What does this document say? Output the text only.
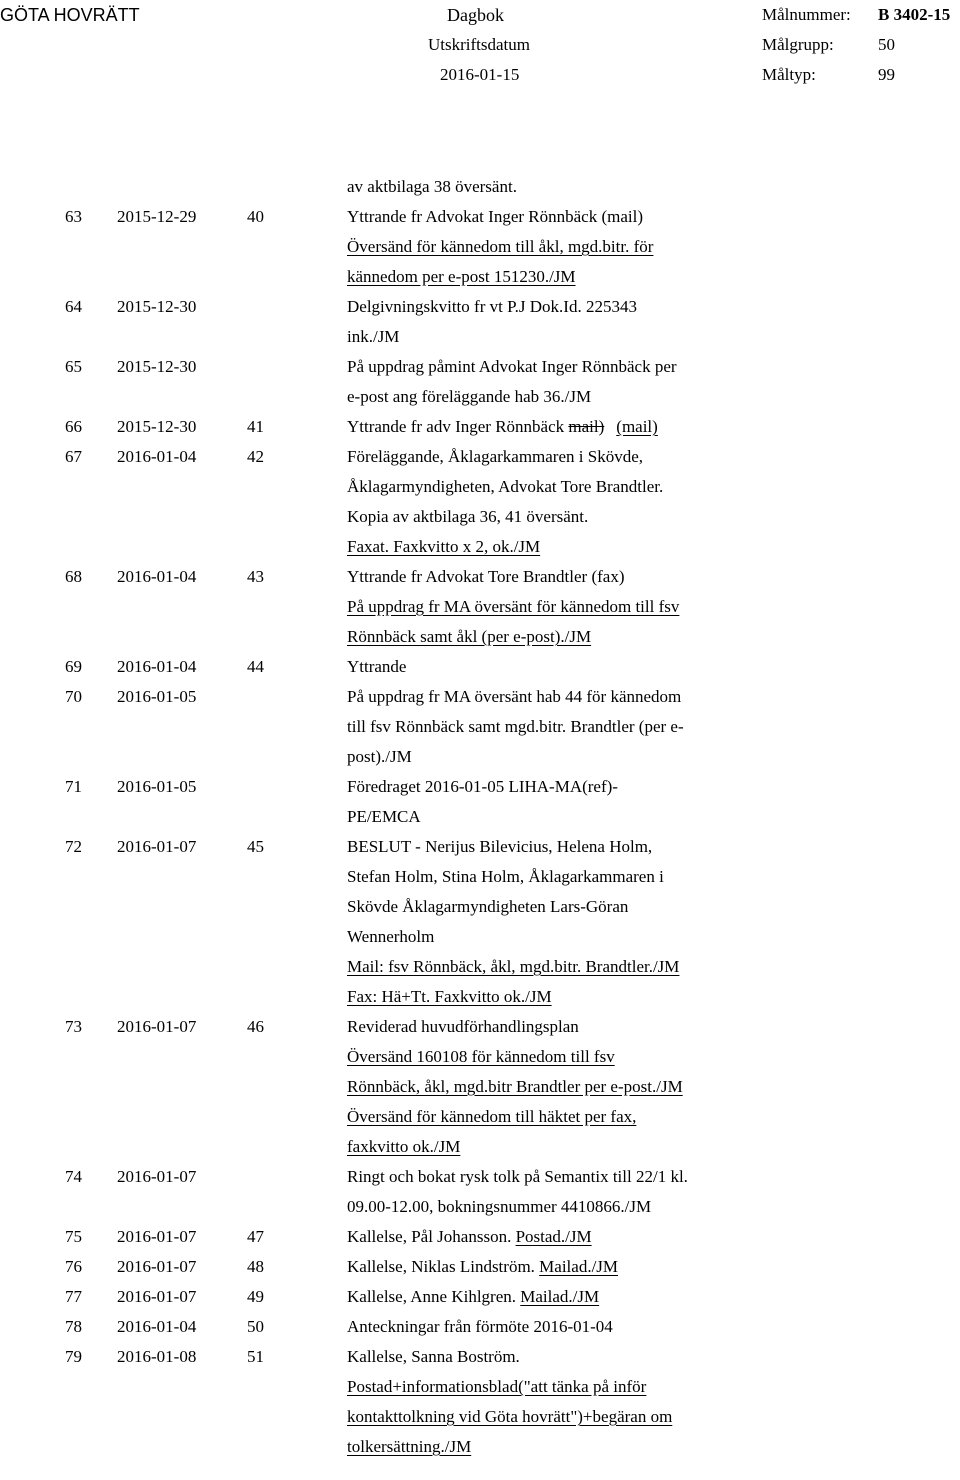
GÖTA HOVRÄTT	Dagbok
Utskriftsdatum
2016-01-15
Målnummer: B 3402-15
Målgrupp:	50
Måltyp:	99
av aktbilaga 38 översänt.
63 2015-12-29	40	Yttrande fr Advokat Inger Rönnbäck (mail)
Översänd för kännedom till åkl, mgd.bitr. för
kännedom per e-post 151230./JM
64 2015-12-30	Delgivningskvitto fr vt P.J Dok.Id. 225343
ink./JM
65 2015-12-30	På uppdrag påmint Advokat Inger Rönnbäck per
e-post ang föreläggande hab 36./JM
66 2015-12-30	41	Yttrande fr adv Inger Rönnbäck mail) (mail)
67 2016-01-04	42	Föreläggande, Åklagarkammaren i Skövde,
Åklagarmyndigheten, Advokat Tore Brandtler.
Kopia av aktbilaga 36, 41 översänt.
Faxat. Faxkvitto x 2, ok./JM
68 2016-01-04	43	Yttrande fr Advokat Tore Brandtler (fax)
På uppdrag fr MA översänt för kännedom till fsv
Rönnbäck samt åkl (per e-post)./JM
69 2016-01-04	44	Yttrande
70 2016-01-05	På uppdrag fr MA översänt hab 44 för kännedom
till fsv Rönnbäck samt mgd.bitr. Brandtler (per e-
post)./JM
71 2016-01-05	Föredraget 2016-01-05 LIHA-MA(ref)-
PE/EMCA
72 2016-01-07	45	BESLUT - Nerijus Bilevicius, Helena Holm,
Stefan Holm, Stina Holm, Åklagarkammaren i
Skövde Åklagarmyndigheten Lars-Göran
Wennerholm
Mail: fsv Rönnbäck, åkl, mgd.bitr. Brandtler./JM
Fax: Hä+Tt. Faxkvitto ok./JM
73 2016-01-07	46	Reviderad huvudförhandlingsplan
Översänd 160108 för kännedom till fsv
Rönnbäck, åkl, mgd.bitr Brandtler per e-post./JM
Översänd för kännedom till häktet per fax,
faxkvitto ok./JM
74 2016-01-07	Ringt och bokat rysk tolk på Semantix till 22/1 kl.
09.00-12.00, bokningsnummer 4410866./JM
75 2016-01-07	47	Kallelse, Pål Johansson. Postad./JM
76 2016-01-07	48	Kallelse, Niklas Lindström. Mailad./JM
77 2016-01-07	49	Kallelse, Anne Kihlgren. Mailad./JM
78 2016-01-04	50	Anteckningar från förmöte 2016-01-04
79 2016-01-08	51	Kallelse, Sanna Boström.
Postad+informationsblad("att tänka på inför
kontakttolkning vid Göta hovrätt")+begäran om
tolkersättning./JM
